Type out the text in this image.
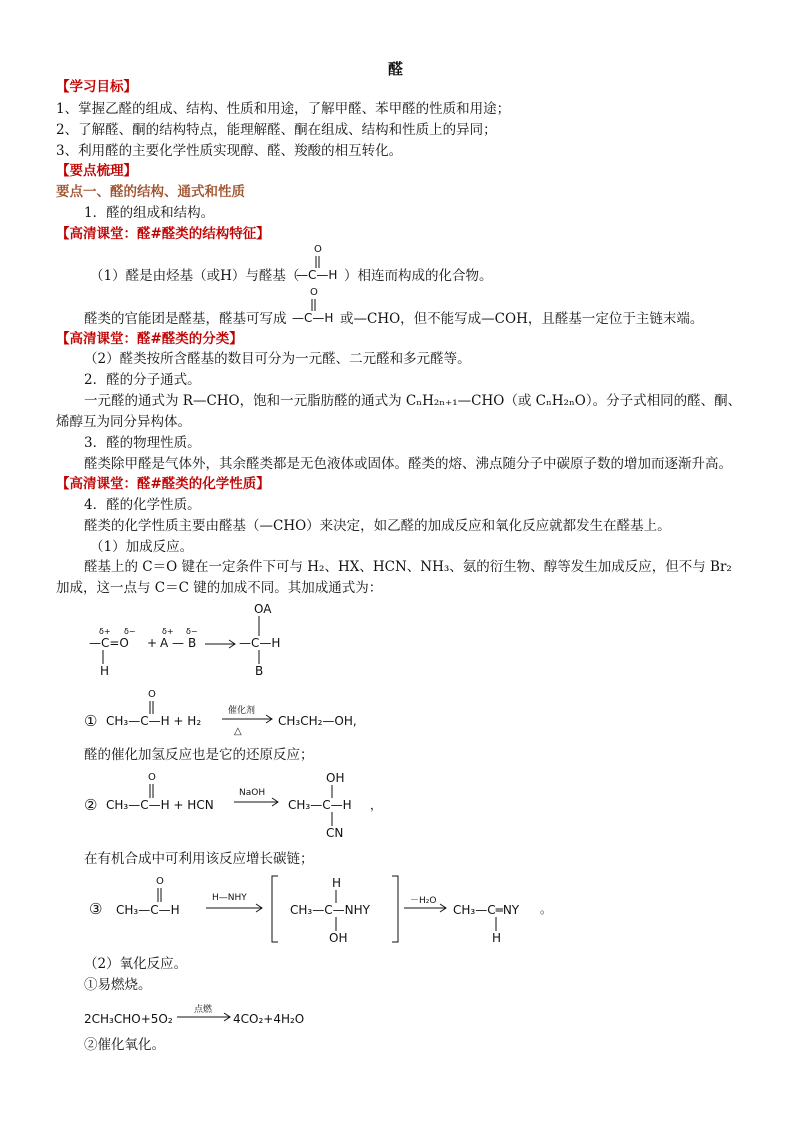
醛
【学习目标】
1、掌握乙醛的组成、结构、性质和用途，了解甲醛、苯甲醛的性质和用途；
2、了解醛、酮的结构特点，能理解醛、酮在组成、结构和性质上的异同；
3、利用醛的主要化学性质实现醇、醛、羧酸的相互转化。
【要点梳理】
要点一、醛的结构、通式和性质
1．醛的组成和结构。
【高清课堂：醛#醛类的结构特征】
（1）醛是由烃基（或H）与醛基（
O
—C—H ）相连而构成的化合物。
醛类的官能团是醛基，醛基可写成
O
—C—H 或—CHO，但不能写成—COH，且醛基一定位于主链末端。
【高清课堂：醛#醛类的分类】
（2）醛类按所含醛基的数目可分为一元醛、二元醛和多元醛等。
2．醛的分子通式。
一元醛的通式为 R—CHO，饱和一元脂肪醛的通式为 CₙH₂ₙ₊₁—CHO（或 CₙH₂ₙO）。分子式相同的醛、酮、
烯醇互为同分异构体。
3．醛的物理性质。
醛类除甲醛是气体外，其余醛类都是无色液体或固体。醛类的熔、沸点随分子中碳原子数的增加而逐渐升高。
【高清课堂：醛#醛类的化学性质】
4．醛的化学性质。
醛类的化学性质主要由醛基（—CHO）来决定，如乙醛的加成反应和氧化反应就都发生在醛基上。
（1）加成反应。
醛基上的 C＝O 键在一定条件下可与 H₂、HX、HCN、NH₃、氨的衍生物、醇等发生加成反应，但不与 Br₂
加成，这一点与 C＝C 键的加成不同。其加成通式为：
δ+ δ−
—C=O
H
+
δ+ δ−
A — B
OA
—C—H
B
①
O
CH₃—C—H + H₂
催化剂
△
CH₃CH₂—OH,
醛的催化加氢反应也是它的还原反应；
②
O
CH₃—C—H + HCN
NaOH
OH
CH₃—C—H ，
CN
在有机合成中可利用该反应增长碳链；
③
O
CH₃—C—H
H—NHY
H
CH₃—C—NHY
OH
－H₂O
CH₃—C═NY 。
H
（2）氧化反应。
①易燃烧。
2CH₃CHO+5O₂
点燃
4CO₂+4H₂O
②催化氧化。
